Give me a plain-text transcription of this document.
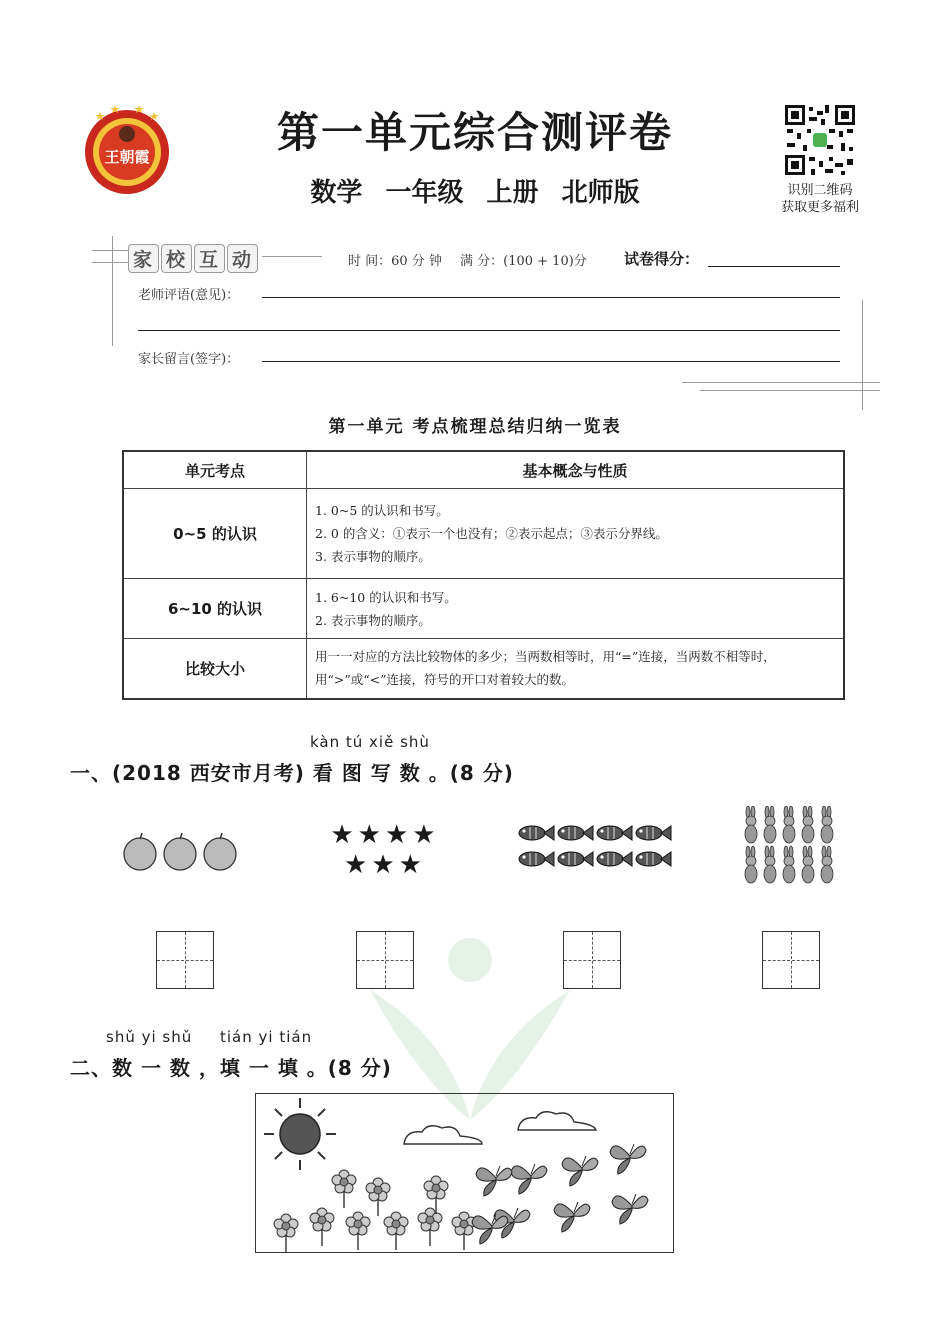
王朝霞	第一单元综合测评卷
数学 一年级 上册 北师版	识别二维码
获取更多福利
家 校 互 动	时 间：60 分 钟 满 分：(100 + 10)分 试卷得分：
老师评语(意见)：
家长留言(签字)：
第一单元 考点梳理总结归纳一览表
单元考点	基本概念与性质
0~5 的认识	1. 0~5 的认识和书写。
2. 0 的含义：①表示一个也没有；②表示起点；③表示分界线。
3. 表示事物的顺序。

6~10 的认识	1. 6~10 的认识和书写。
2. 表示事物的顺序。

比较大小	用一一对应的方法比较物体的多少；当两数相等时，用“=”连接，当两数不相等时，用“>”或“<”连接，符号的开口对着较大的数。
kàn tú xiě shù
一、(2018 西安市月考) 看 图 写 数 。(8 分)
★★★★
★★★
shǔ yi shǔ tián yi tián
二、数 一 数 ，填 一 填 。(8 分)
